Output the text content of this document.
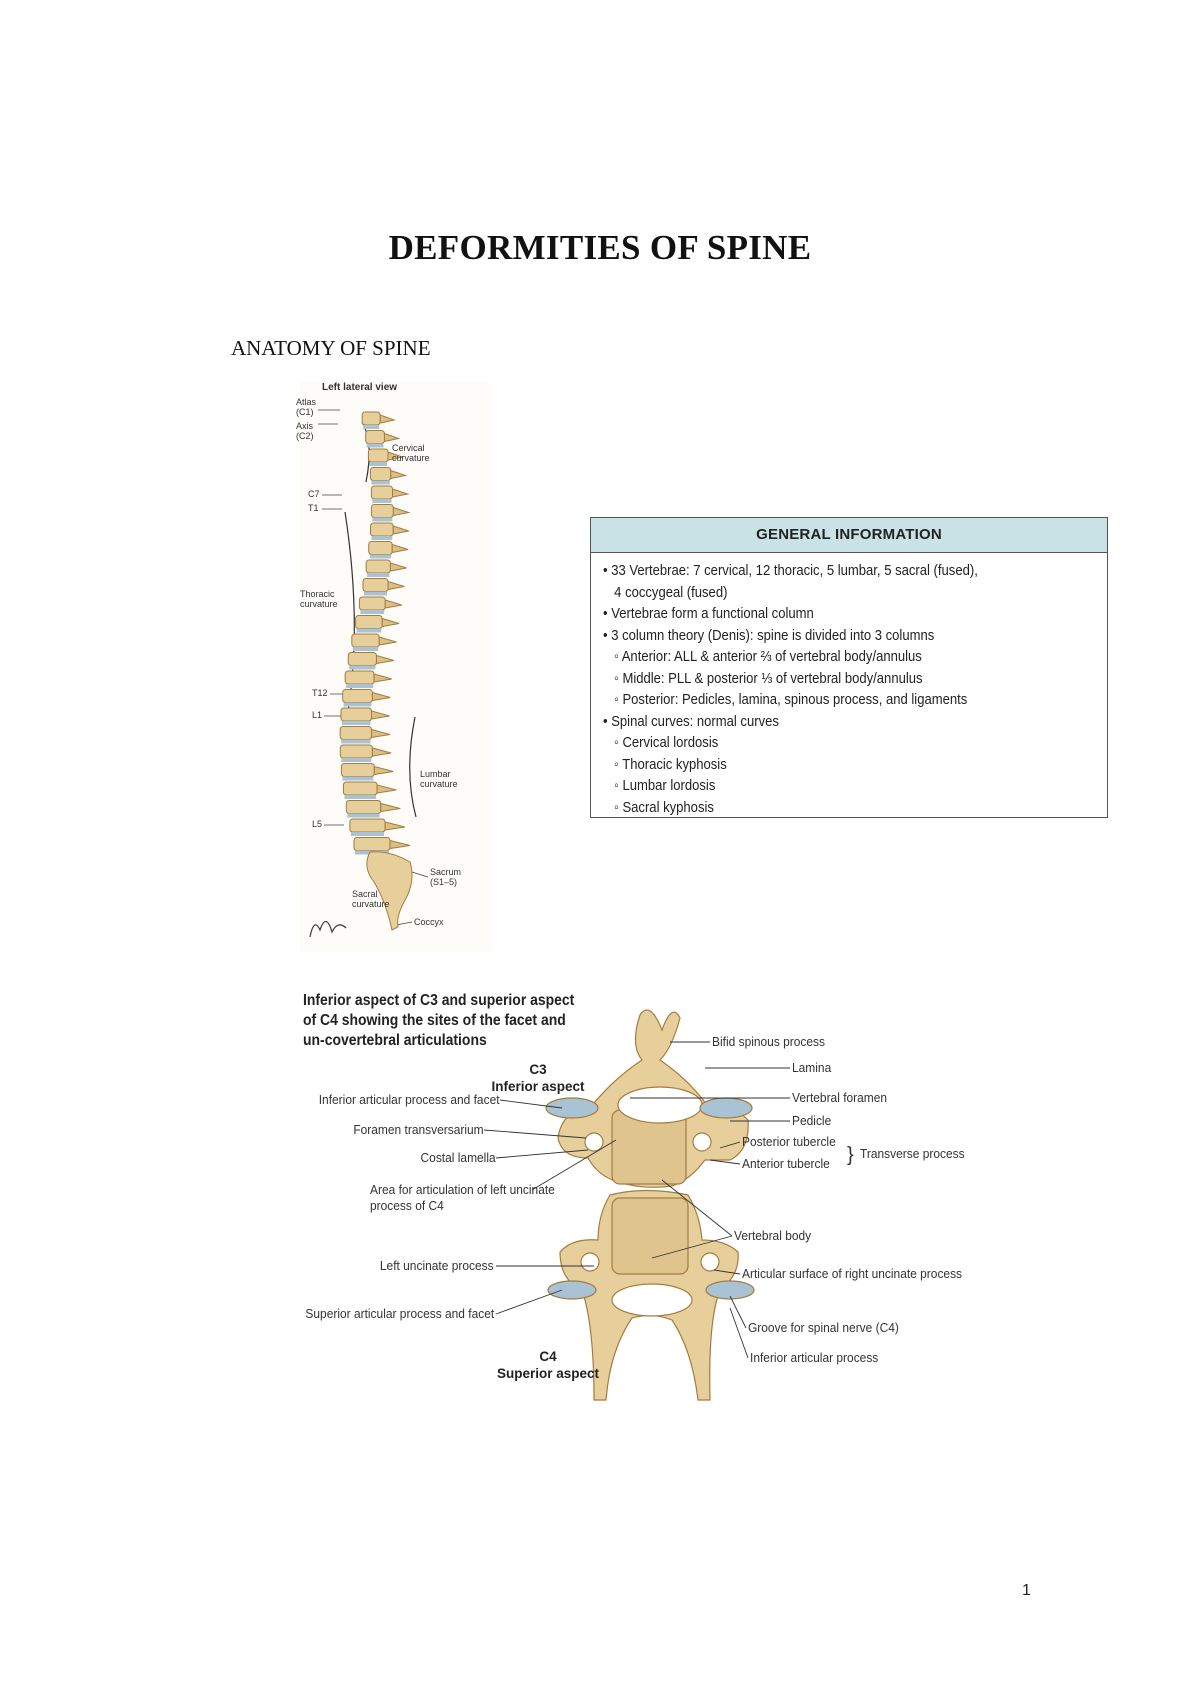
DEFORMITIES OF SPINE
ANATOMY OF SPINE
Left lateral view
Atlas (C1)
Axis (C2)
Cervical curvature
C7
T1
Thoracic curvature
T12
L1
Lumbar curvature
L5
Sacrum (S1–5)
Sacral curvature
Coccyx
GENERAL INFORMATION
• 33 Vertebrae: 7 cervical, 12 thoracic, 5 lumbar, 5 sacral (fused),
4 coccygeal (fused)
• Vertebrae form a functional column
• 3 column theory (Denis): spine is divided into 3 columns
◦ Anterior: ALL & anterior ⅔ of vertebral body/annulus
◦ Middle: PLL & posterior ⅓ of vertebral body/annulus
◦ Posterior: Pedicles, lamina, spinous process, and ligaments
• Spinal curves: normal curves
◦ Cervical lordosis
◦ Thoracic kyphosis
◦ Lumbar lordosis
◦ Sacral kyphosis
Inferior aspect of C3 and superior aspect of C4 showing the sites of the facet and un-covertebral articulations
C3
Inferior aspect
C4
Superior aspect
Inferior articular process and facet
Foramen transversarium
Costal lamella
Area for articulation of left uncinate
process of C4
Left uncinate process
Superior articular process and facet
Bifid spinous process
Lamina
Vertebral foramen
Pedicle
Posterior tubercle
Anterior tubercle } Transverse process
Vertebral body
Articular surface of right uncinate process
Groove for spinal nerve (C4)
Inferior articular process
1
